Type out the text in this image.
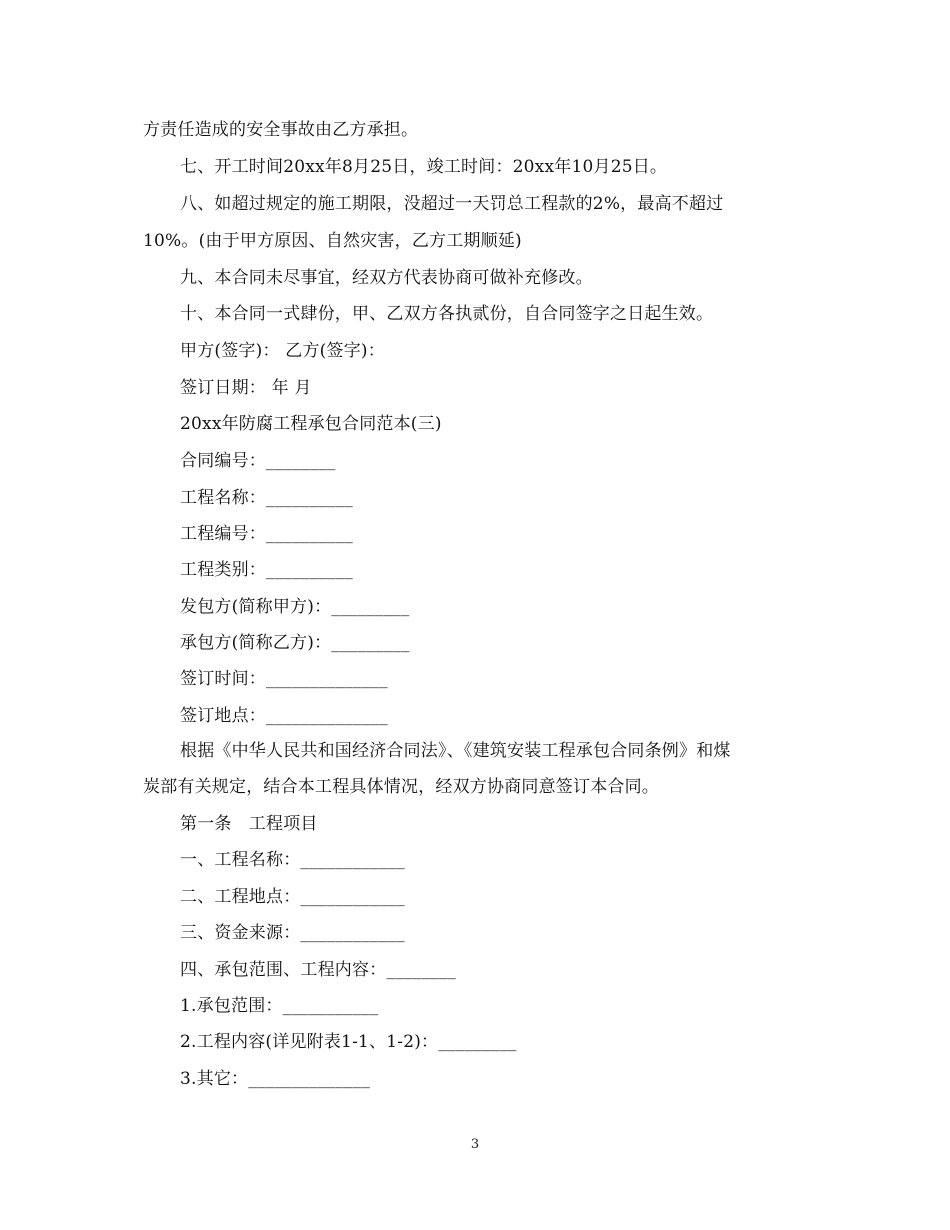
方责任造成的安全事故由乙方承担。
七、开工时间20xx年8月25日，竣工时间：20xx年10月25日。
八、如超过规定的施工期限，没超过一天罚总工程款的2%，最高不超过
10%。(由于甲方原因、自然灾害，乙方工期顺延)
九、本合同未尽事宜，经双方代表协商可做补充修改。
十、本合同一式肆份，甲、乙双方各执贰份，自合同签字之日起生效。
甲方(签字)： 乙方(签字)：
签订日期： 年 月
20xx年防腐工程承包合同范本(三)
合同编号：________
工程名称：__________
工程编号：__________
工程类别：__________
发包方(简称甲方)：_________
承包方(简称乙方)：_________
签订时间：______________
签订地点：______________
根据《中华人民共和国经济合同法》、《建筑安装工程承包合同条例》和煤
炭部有关规定，结合本工程具体情况，经双方协商同意签订本合同。
第一条　工程项目
一、工程名称：____________
二、工程地点：____________
三、资金来源：____________
四、承包范围、工程内容：________
1.承包范围：___________
2.工程内容(详见附表1-1、1-2)：_________
3.其它：______________
3
